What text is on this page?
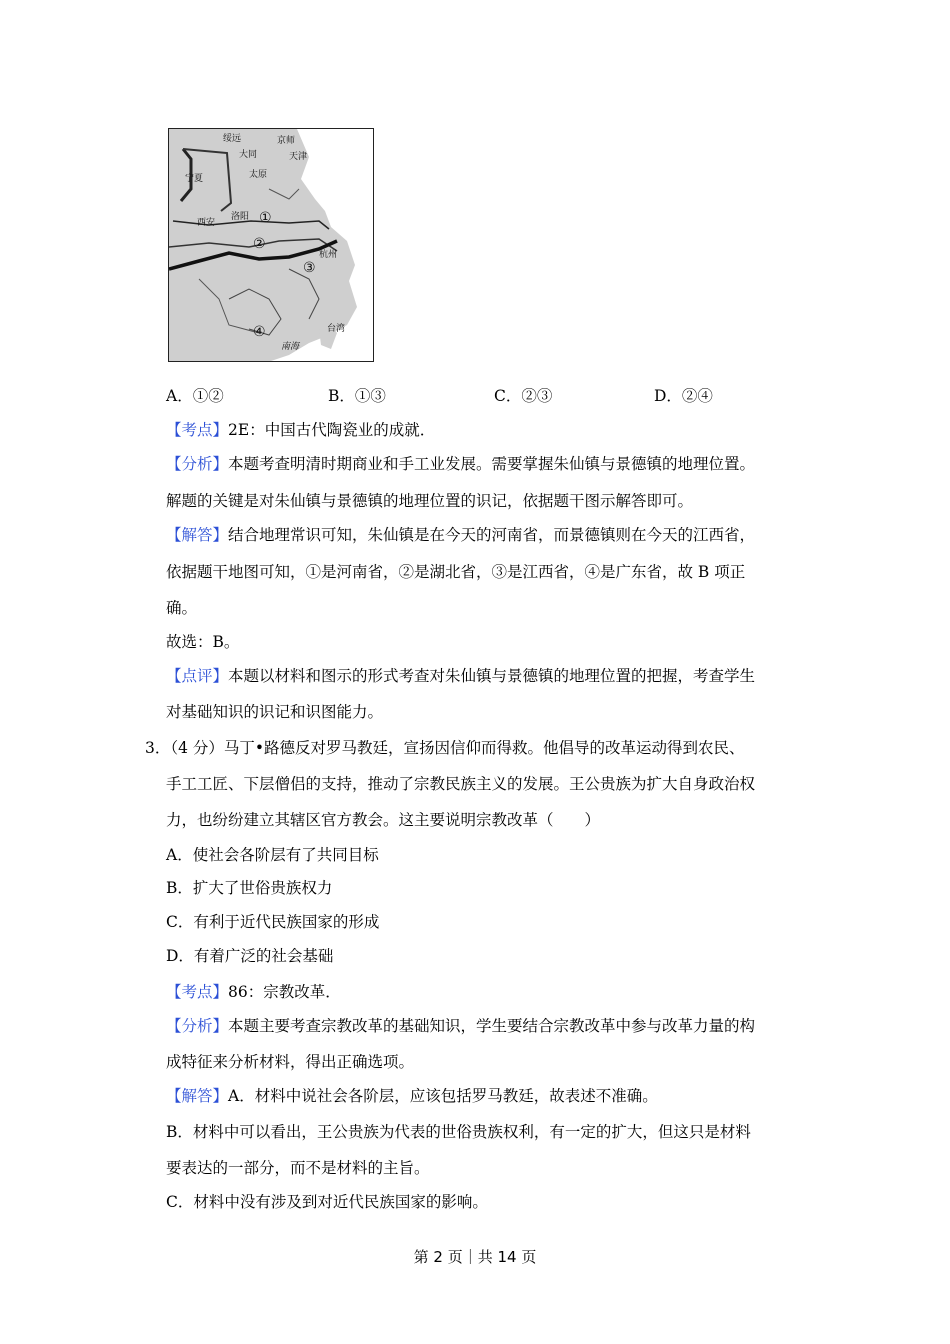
绥远	京师
大同	天津
宁夏	太原
西安
洛阳
杭州
台湾
南海
①
②
③
④
A．①②	B．①③	C．②③	D．②④
【考点】2E：中国古代陶瓷业的成就．
【分析】本题考查明清时期商业和手工业发展。需要掌握朱仙镇与景德镇的地理位置。
解题的关键是对朱仙镇与景德镇的地理位置的识记，依据题干图示解答即可。
【解答】结合地理常识可知，朱仙镇是在今天的河南省，而景德镇则在今天的江西省，
依据题干地图可知，①是河南省，②是湖北省，③是江西省，④是广东省，故 B 项正
确。
故选：B。
【点评】本题以材料和图示的形式考查对朱仙镇与景德镇的地理位置的把握，考查学生
对基础知识的识记和识图能力。
3．（4 分）马丁•路德反对罗马教廷，宣扬因信仰而得救。他倡导的改革运动得到农民、
手工工匠、下层僧侣的支持，推动了宗教民族主义的发展。王公贵族为扩大自身政治权
力，也纷纷建立其辖区官方教会。这主要说明宗教改革（　　）
A．使社会各阶层有了共同目标
B．扩大了世俗贵族权力
C．有利于近代民族国家的形成
D．有着广泛的社会基础
【考点】86：宗教改革．
【分析】本题主要考查宗教改革的基础知识，学生要结合宗教改革中参与改革力量的构
成特征来分析材料，得出正确选项。
【解答】A．材料中说社会各阶层，应该包括罗马教廷，故表述不准确。
B．材料中可以看出，王公贵族为代表的世俗贵族权利，有一定的扩大，但这只是材料
要表达的一部分，而不是材料的主旨。
C．材料中没有涉及到对近代民族国家的影响。
第 2 页｜共 14 页
